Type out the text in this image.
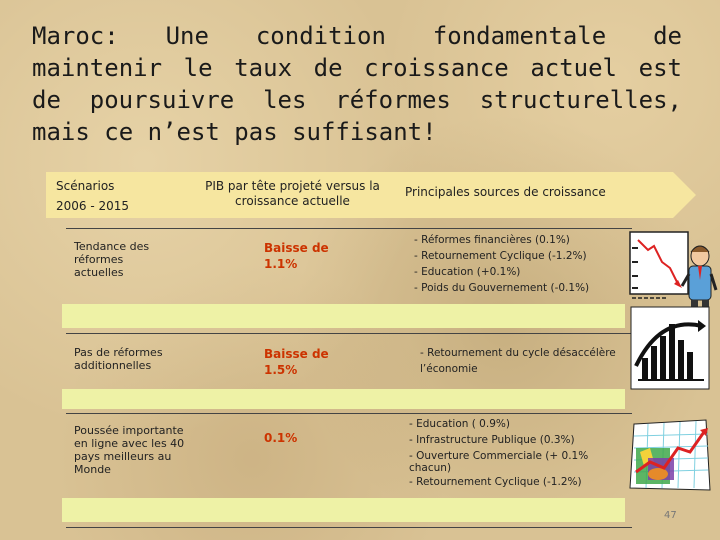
Maroc: Une condition fondamentale de maintenir le taux de croissance actuel est de poursuivre les réformes structurelles, mais ce n’est pas suffisant!
Scénarios
2006 - 2015
PIB par tête projeté versus la croissance actuelle
Principales sources de croissance
Tendance des réformes actuelles
Baisse de 1.1%
- Réformes financières (0.1%)
- Retournement Cyclique (-1.2%)
- Education (+0.1%)
- Poids du Gouvernement (-0.1%)
Pas de réformes additionnelles
Baisse de 1.5%
- Retournement du cycle désaccélère l’économie
Poussée importante en ligne avec les 40 pays meilleurs au Monde
0.1%
- Education ( 0.9%)
- Infrastructure Publique (0.3%)
- Ouverture Commerciale (+ 0.1%
chacun)
- Retournement Cyclique (-1.2%)
47
